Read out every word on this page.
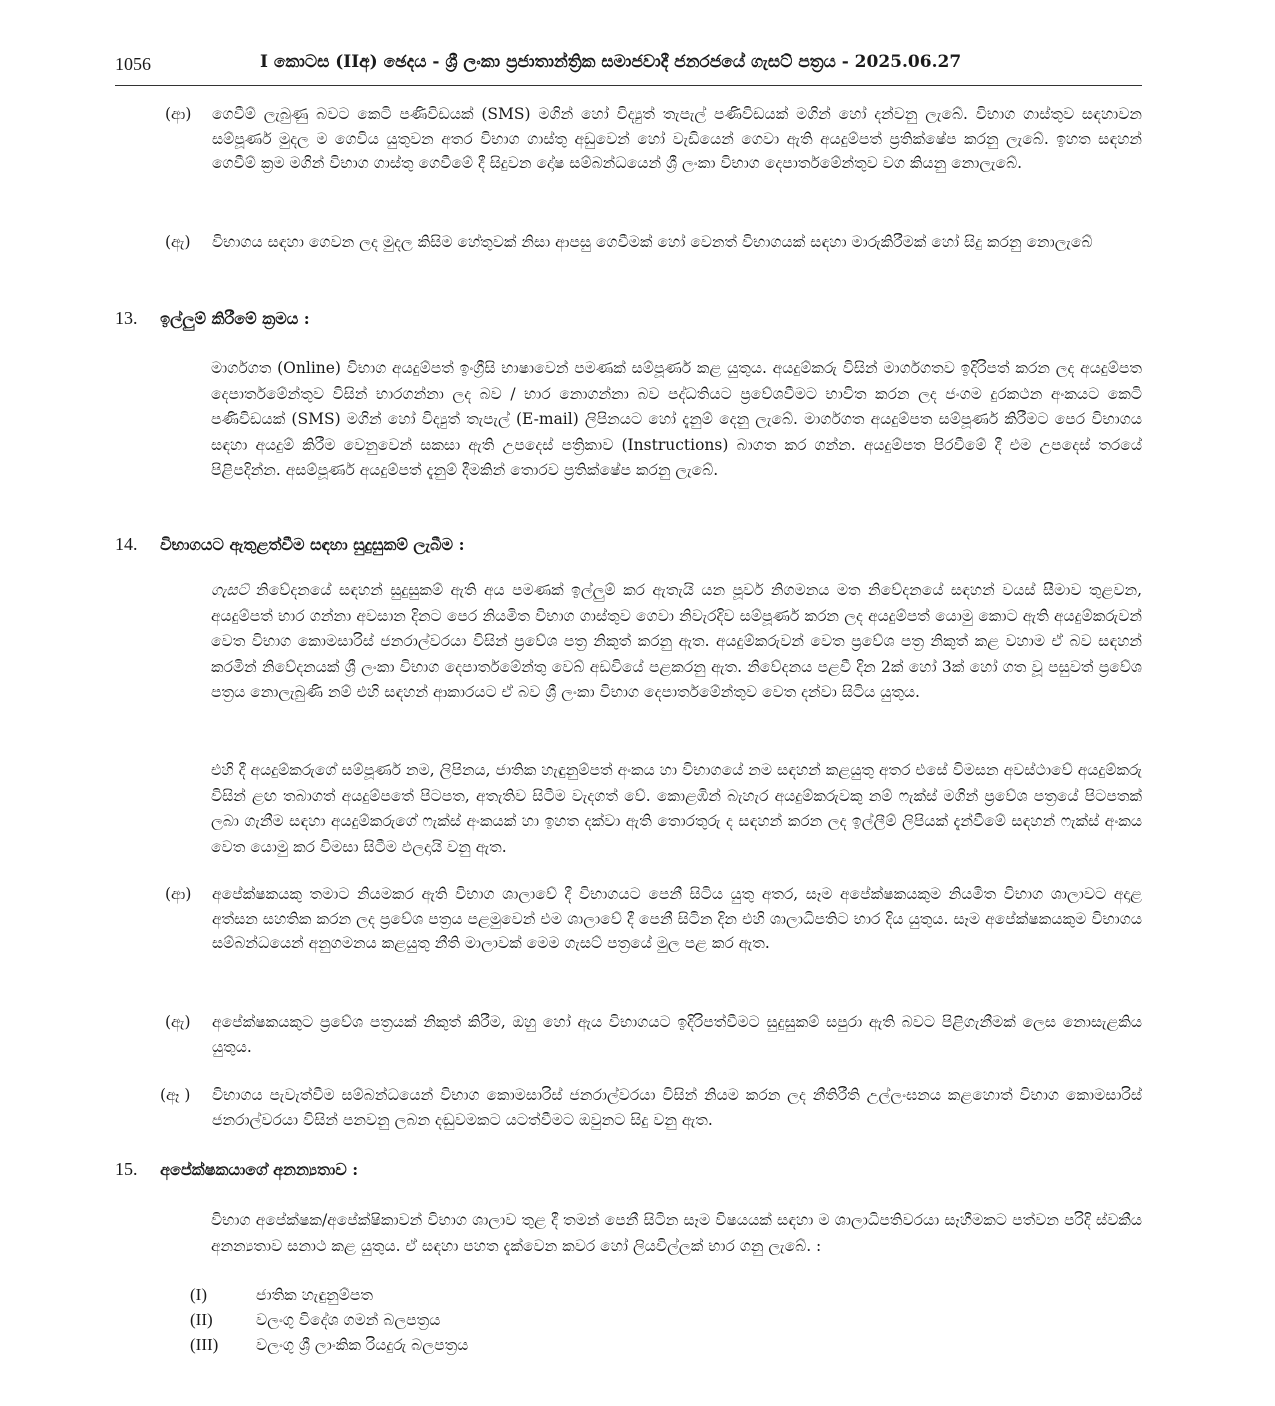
1056	I කොටස (IIඅ) ඡෙදය - ශ්‍රී ලංකා ප්‍රජාතාන්ත්‍රික සමාජවාදී ජනරජයේ ගැසට් පත්‍රය - 2025.06.27
(ආ) ගෙවීම් ලැබුණු බවට කෙටි පණිවිඩයක් (SMS) මගින් හෝ විද්‍යුත් තැපැල් පණිවිඩයක් මගින් හෝ දන්වනු ලැබේ. විභාග ගාස්තුව සඳහාවන සම්පූර්ණ මුදල ම ගෙවිය යුතුවන අතර විභාග ගාස්තු අඩුවෙන් හෝ වැඩියෙන් ගෙවා ඇති අයදුම්පත් ප්‍රතික්ෂේප කරනු ලැබේ. ඉහත සඳහන් ගෙවීම් ක්‍රම මගින් විභාග ගාස්තු ගෙවීමේ දී සිදුවන දෝෂ සම්බන්ධයෙන් ශ්‍රී ලංකා විභාග දෙපාර්තමේන්තුව වග කියනු නොලැබේ.
(ඇ) විභාගය සඳහා ගෙවන ලද මුදල කිසිම හේතුවක් නිසා ආපසු ගෙවීමක් හෝ වෙනත් විභාගයක් සඳහා මාරුකිරීමක් හෝ සිදු කරනු නොලැබේ
13. ඉල්ලුම් කිරීමේ ක්‍රමය :
මාර්ගගත (Online) විභාග අයදුම්පත් ඉංග්‍රීසි භාෂාවෙන් පමණක් සම්පූර්ණ කළ යුතුය. අයදුම්කරු විසින් මාර්ගගතව ඉදිරිපත් කරන ලද අයදුම්පත දෙපාර්තමේන්තුව විසින් භාරගන්නා ලද බව / භාර නොගන්නා බව පද්ධතියට ප්‍රවේශවීමට භාවිත කරන ලද ජංගම දුරකථන අංකයට කෙටි පණිවිඩයක් (SMS) මගින් හෝ විද්‍යුත් තැපැල් (E-mail) ලිපිනයට හෝ දැනුම් දෙනු ලැබේ. මාර්ගගත අයදුම්පත සම්පූර්ණ කිරීමට පෙර විභාගය සඳහා අයදුම් කිරීම වෙනුවෙන් සකසා ඇති උපදෙස් පත්‍රිකාව (Instructions) බාගත කර ගන්න. අයදුම්පත පිරවීමේ දී එම උපදෙස් තරයේ පිළිපදින්න. අසම්පූර්ණ අයදුම්පත් දැනුම් දීමකින් තොරව ප්‍රතික්ෂේප කරනු ලැබේ.
14. විභාගයට ඇතුළත්වීම සඳහා සුදුසුකම් ලැබීම :
ගැසට් නිවේදනයේ සඳහන් සුදුසුකම් ඇති අය පමණක් ඉල්ලුම් කර ඇතැයි යන පූර්ව නිගමනය මත නිවේදනයේ සඳහන් වයස් සීමාව තුළවන, අයදුම්පත් භාර ගන්නා අවසාන දිනට පෙර නියමිත විභාග ගාස්තුව ගෙවා නිවැරදිව සම්පූර්ණ කරන ලද අයදුම්පත් යොමු කොට ඇති අයදුම්කරුවන් වෙත විභාග කොමසාරිස් ජනරාල්වරයා විසින් ප්‍රවේශ පත්‍ර නිකුත් කරනු ඇත. අයදුම්කරුවන් වෙත ප්‍රවේශ පත්‍ර නිකුත් කළ වහාම ඒ බව සඳහන් කරමින් නිවේදනයක් ශ්‍රී ලංකා විභාග දෙපාර්තමේන්තු වෙබ් අඩවියේ පළකරනු ඇත. නිවේදනය පළවී දින 2ක් හෝ 3ක් හෝ ගත වූ පසුවත් ප්‍රවේශ පත්‍රය නොලැබුණි නම් එහි සඳහන් ආකාරයට ඒ බව ශ්‍රී ලංකා විභාග දෙපාර්තමේන්තුව වෙත දන්වා සිටිය යුතුය.
එහි දී අයදුම්කරුගේ සම්පූර්ණ නම, ලිපිනය, ජාතික හැඳුනුම්පත් අංකය හා විභාගයේ නම සඳහන් කළයුතු අතර එසේ විමසන අවස්ථාවේ අයදුම්කරු විසින් ළඟ තබාගත් අයදුම්පතේ පිටපත, අතැතිව සිටීම වැදගත් වේ. කොළඹින් බැහැර අයදුම්කරුවකු නම් ෆැක්ස් මගින් ප්‍රවේශ පත්‍රයේ පිටපතක් ලබා ගැනීම සඳහා අයදුම්කරුගේ ෆැක්ස් අංකයක් හා ඉහත දක්වා ඇති තොරතුරු ද සඳහන් කරන ලද ඉල්ලීම් ලිපියක් දැන්වීමේ සඳහන් ෆැක්ස් අංකය වෙත යොමු කර විමසා සිටීම ඵලදායි වනු ඇත.
(ආ) අපේක්ෂකයකු තමාට නියමකර ඇති විභාග ශාලාවේ දී විභාගයට පෙනී සිටිය යුතු අතර, සෑම අපේක්ෂකයකුම නියමිත විභාග ශාලාවට අදාළ අත්සන සහතික කරන ලද ප්‍රවේශ පත්‍රය පළමුවෙන් එම ශාලාවේ දී පෙනී සිටින දින එහි ශාලාධිපතිට භාර දිය යුතුය. සෑම අපේක්ෂකයකුම විභාගය සම්බන්ධයෙන් අනුගමනය කළයුතු නීති මාලාවක් මෙම ගැසට් පත්‍රයේ මුල පළ කර ඇත.
(ඇ) අපේක්ෂකයකුට ප්‍රවේශ පත්‍රයක් නිකුත් කිරීම, ඔහු හෝ ඇය විභාගයට ඉදිරිපත්වීමට සුදුසුකම් සපුරා ඇති බවට පිළිගැනීමක් ලෙස නොසැළකිය යුතුය.
(ඈ ) විභාගය පැවැත්වීම සම්බන්ධයෙන් විභාග කොමසාරිස් ජනරාල්වරයා විසින් නියම කරන ලද නීතිරීති උල්ලංඝනය කළහොත් විභාග කොමසාරිස් ජනරාල්වරයා විසින් පනවනු ලබන දඬුවමකට යටත්වීමට ඔවුනට සිදු වනු ඇත.
15. අපේක්ෂකයාගේ අනන්‍යතාව :
විභාග අපේක්ෂක/අපේක්ෂිකාවන් විභාග ශාලාව තුළ දී තමන් පෙනී සිටින සෑම විෂයයක් සඳහා ම ශාලාධිපතිවරයා සෑහීමකට පත්වන පරිදි ස්වකීය අනන්‍යතාව සනාථ කළ යුතුය. ඒ සඳහා පහත දැක්වෙන කවර හෝ ලියවිල්ලක් භාර ගනු ලැබේ. :
(I)	ජාතික හැඳුනුම්පත
(II)	වලංගු විදේශ ගමන් බලපත්‍රය
(III) වලංගු ශ්‍රී ලාංකික රියදුරු බලපත්‍රය
